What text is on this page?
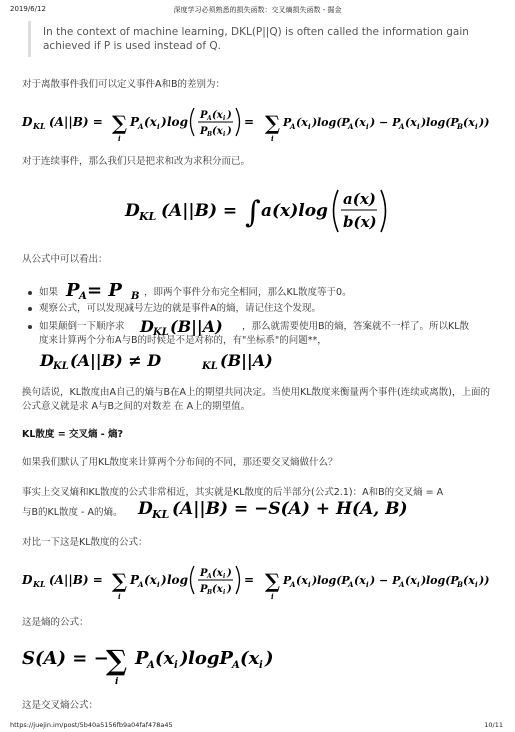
2019/6/12	深度学习必须熟悉的损失函数：交叉熵损失函数 - 掘金
In the context of machine learning, DKL(P||Q) is often called the information gain achieved if P is used instead of Q.
对于离散事件我们可以定义事件A和B的差别为：
D KL (A||B) = ∑
i
P
A (x i ) log P A (x i )
P B (x i )
= ∑
i
P
A (x i ) log(P
A (x i ) − P
A (x i ) log(P
B (x i ))
对于连续事件，那么我们只是把求和改为求积分而已。
D KL (A||B) = ∫ a(x)log
a(x)
b(x)
从公式中可以看出：
如果 P A = P B ，即两个事件分布完全相同，那么KL散度等于0。
观察公式，可以发现减号左边的就是事件A的熵，请记住这个发现。
如果颠倒一下顺序求 D KL (B||A) ，那么就需要使用B的熵，答案就不一样了。所以KL散
度来计算两个分布A与B的时候是不是对称的，有"坐标系"的问题**，
D KL (A||B) ≠ D	KL (B||A)
换句话说，KL散度由A自己的熵与B在A上的期望共同决定。当使用KL散度来衡量两个事件(连续或离散)，上面的公式意义就是求 A与B之间的对数差 在 A上的期望值。
KL散度 = 交叉熵 - 熵?
如果我们默认了用KL散度来计算两个分布间的不同，那还要交叉熵做什么？
事实上交叉熵和KL散度的公式非常相近，其实就是KL散度的后半部分(公式2.1)：A和B的交叉熵 = A
与B的KL散度 - A的熵。 D KL (A||B) = −S(A) + H(A, B)
对比一下这是KL散度的公式：
D KL (A||B) = ∑
i
P
A (x i ) log P A (x i )
P B (x i )
= ∑
i
P
A (x i ) log(P
A (x i ) − P
A (x i ) log(P
B (x i ))
这是熵的公式：
S(A) = −
∑
i
P
A (x i ) logP A (x i )
这是交叉熵公式：
https://juejin.im/post/5b40a5156fb9a04faf478a45	10/11
